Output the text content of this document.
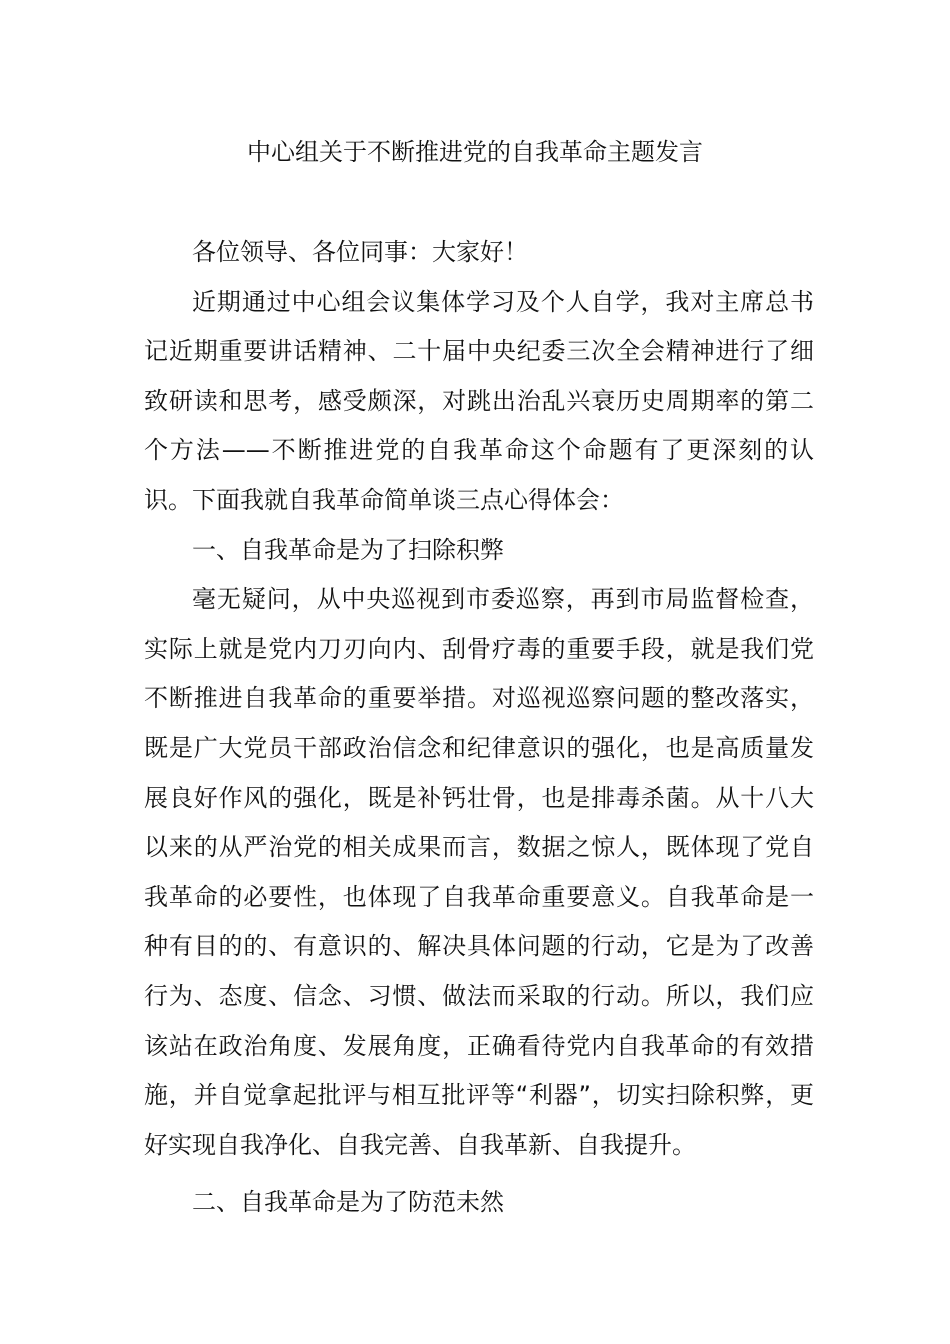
中心组关于不断推进党的自我革命主题发言

各位领导、各位同事：大家好！

近期通过中心组会议集体学习及个人自学，我对主席总书记近期重要讲话精神、二十届中央纪委三次全会精神进行了细致研读和思考，感受颇深，对跳出治乱兴衰历史周期率的第二个方法——不断推进党的自我革命这个命题有了更深刻的认识。下面我就自我革命简单谈三点心得体会：

一、自我革命是为了扫除积弊

毫无疑问，从中央巡视到市委巡察，再到市局监督检查，实际上就是党内刀刃向内、刮骨疗毒的重要手段，就是我们党不断推进自我革命的重要举措。对巡视巡察问题的整改落实，既是广大党员干部政治信念和纪律意识的强化，也是高质量发展良好作风的强化，既是补钙壮骨，也是排毒杀菌。从十八大以来的从严治党的相关成果而言，数据之惊人，既体现了党自我革命的必要性，也体现了自我革命重要意义。自我革命是一种有目的的、有意识的、解决具体问题的行动，它是为了改善行为、态度、信念、习惯、做法而采取的行动。所以，我们应该站在政治角度、发展角度，正确看待党内自我革命的有效措施，并自觉拿起批评与相互批评等“利器”，切实扫除积弊，更好实现自我净化、自我完善、自我革新、自我提升。

二、自我革命是为了防范未然
